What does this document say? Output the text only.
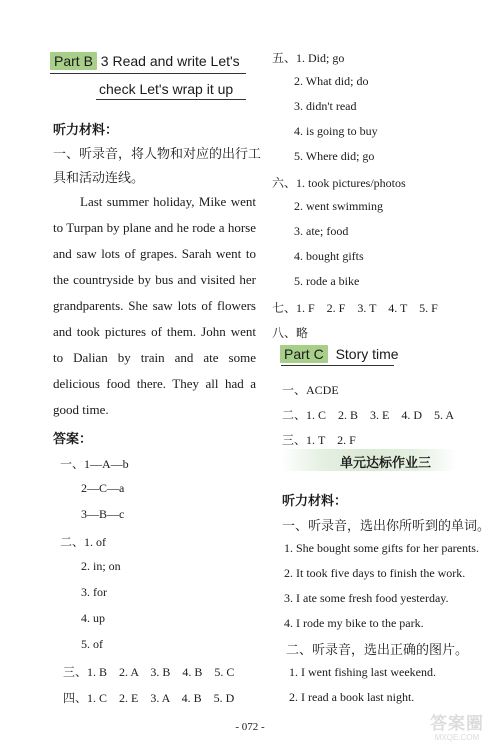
Part B 3 Read and write Let's
check Let's wrap it up
听力材料：
一、听录音，将人物和对应的出行工
具和活动连线。
Last summer holiday, Mike went
to Turpan by plane and he rode a horse
and saw lots of grapes. Sarah went to
the countryside by bus and visited her
grandparents. She saw lots of flowers
and took pictures of them. John went
to Dalian by train and ate some
delicious food there. They all had a
good time.
答案：
一、1—A—b
2—C—a
3—B—c
二、1. of
2. in; on
3. for
4. up
5. of
三、1. B    2. A    3. B    4. B    5. C
四、1. C    2. E    3. A    4. B    5. D
五、1. Did; go
2. What did; do
3. didn't read
4. is going to buy
5. Where did; go
六、1. took pictures/photos
2. went swimming
3. ate; food
4. bought gifts
5. rode a bike
七、1. F    2. F    3. T    4. T    5. F
八、略
Part C Story time
一、ACDE
二、1. C    2. B    3. E    4. D    5. A
三、1. T    2. F
单元达标作业三
听力材料：
一、听录音，选出你所听到的单词。
1. She bought some gifts for her parents.
2. It took five days to finish the work.
3. I ate some fresh food yesterday.
4. I rode my bike to the park.
二、听录音，选出正确的图片。
1. I went fishing last weekend.
2. I read a book last night.
- 072 -	答案圈
MXQE.COM
